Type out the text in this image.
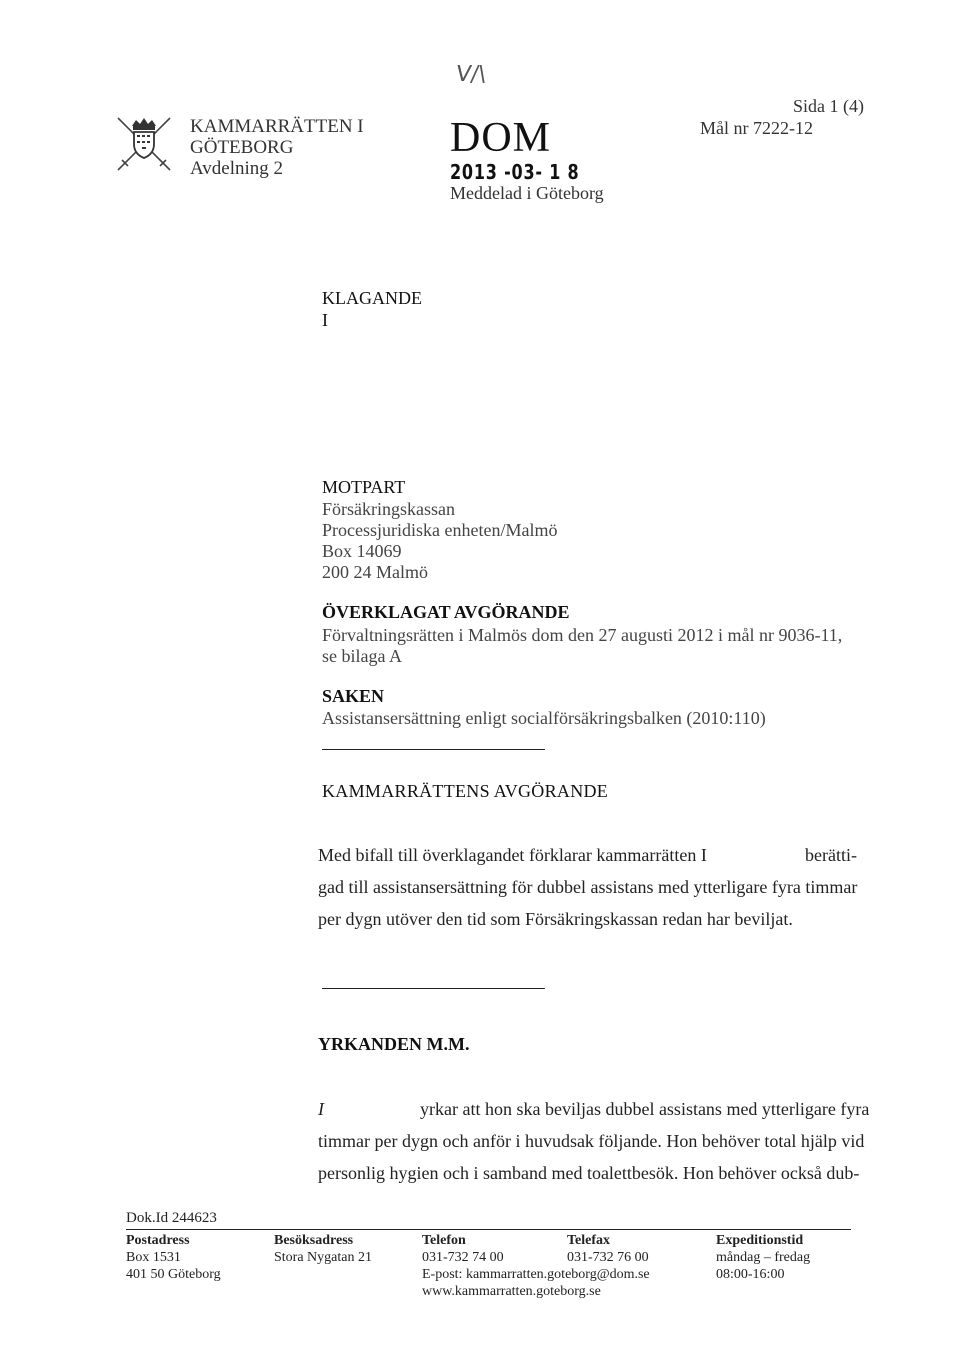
V/\
KAMMARRÄTTEN I
GÖTEBORG
Avdelning 2
DOM
2013 -03- 1 8
Meddelad i Göteborg
Sida 1 (4)
Mål nr 7222-12
KLAGANDE
I
MOTPART
Försäkringskassan
Processjuridiska enheten/Malmö
Box 14069
200 24 Malmö
ÖVERKLAGAT AVGÖRANDE
Förvaltningsrätten i Malmös dom den 27 augusti 2012 i mål nr 9036-11,
se bilaga A
SAKEN
Assistansersättning enligt socialförsäkringsbalken (2010:110)
KAMMARRÄTTENS AVGÖRANDE
Med bifall till överklagandet förklarar kammarrätten I	berätti-
gad till assistansersättning för dubbel assistans med ytterligare fyra timmar
per dygn utöver den tid som Försäkringskassan redan har beviljat.
YRKANDEN M.M.
I	yrkar att hon ska beviljas dubbel assistans med ytterligare fyra
timmar per dygn och anför i huvudsak följande. Hon behöver total hjälp vid
personlig hygien och i samband med toalettbesök. Hon behöver också dub-
Dok.Id 244623
Postadress
Box 1531
401 50 Göteborg
Besöksadress
Stora Nygatan 21
Telefon
031-732 74 00
E-post: kammarratten.goteborg@dom.se
www.kammarratten.goteborg.se
Telefax
031-732 76 00
Expeditionstid
måndag – fredag
08:00-16:00
